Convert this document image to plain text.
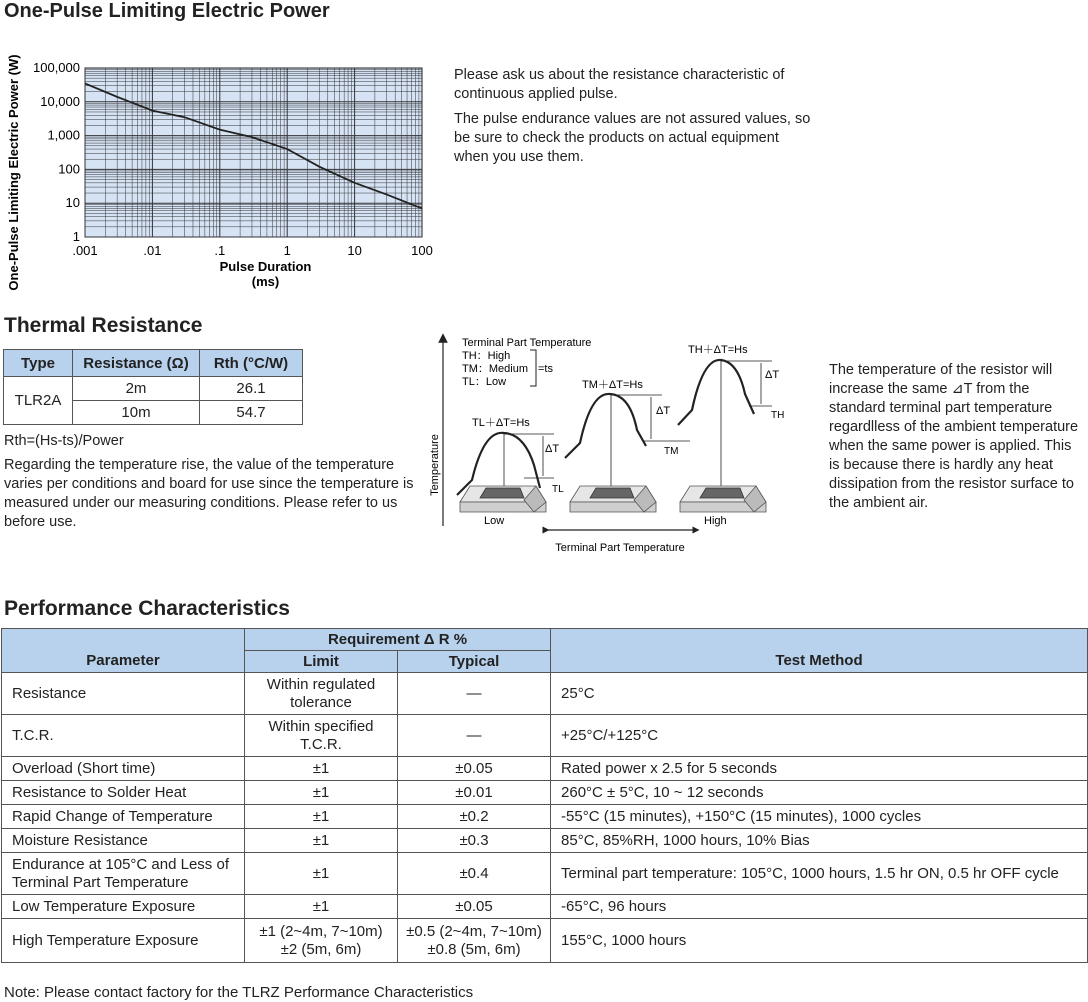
One-Pulse Limiting Electric Power
.001	.01	.1	1	10	100
1
10
100
1,000
10,000
100,000
Pulse Duration
(ms)
One-Pulse Limiting Electric Power (W)	Please ask us about the resistance characteristic of continuous applied pulse.

The pulse endurance values are not assured values, so be sure to check the products on actual equipment when you use them.

Thermal Resistance
Type	Resistance (Ω)	Rth (°C/W)
TLR2A	2m	26.1
	10m	54.7
Rth=(Hs-ts)/Power
Regarding the temperature rise, the value of the temperature varies per conditions and board for use since the temperature is measured under our measuring conditions. Please refer to us before use.
Temperature
Terminal Part Temperature
TH：High
TM：Medium
TL：Low
=ts
ΔT
TL
ΔT
TM
ΔT
TH
TL＋ΔT=Hs
TM＋ΔT=Hs
TH＋ΔT=Hs
Low	High
Terminal Part Temperature
The temperature of the resistor will increase the same ⊿T from the standard terminal part temperature regardlless of the ambient temperature when the same power is applied. This is because there is hardly any heat dissipation from the resistor surface to the ambient air.
Performance Characteristics
Parameter	Requirement Δ R %		Test Method
	Limit	Typical	
Resistance	Within regulated tolerance	—	25°C
T.C.R.	Within specified T.C.R.	—	+25°C/+125°C
Overload (Short time)	±1	±0.05	Rated power x 2.5 for 5 seconds
Resistance to Solder Heat	±1	±0.01	260°C ± 5°C, 10 ~ 12 seconds
Rapid Change of Temperature	±1	±0.2	-55°C (15 minutes), +150°C (15 minutes), 1000 cycles
Moisture Resistance	±1	±0.3	85°C, 85%RH, 1000 hours, 10% Bias
Endurance at 105°C and Less of Terminal Part Temperature	±1	±0.4	Terminal part temperature: 105°C, 1000 hours, 1.5 hr ON, 0.5 hr OFF cycle
Low Temperature Exposure	±1	±0.05	-65°C, 96 hours
High Temperature Exposure	±1 (2~4m, 7~10m) ±2 (5m, 6m)	±0.5 (2~4m, 7~10m) ±0.8 (5m, 6m)	155°C, 1000 hours
Note: Please contact factory for the TLRZ Performance Characteristics
